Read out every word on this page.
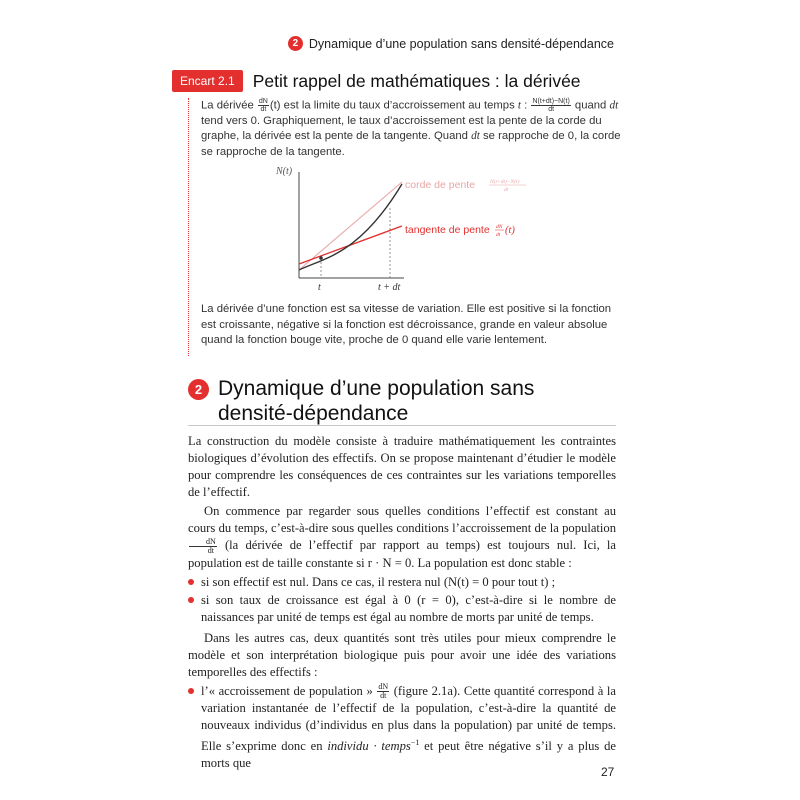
2 Dynamique d’une population sans densité-dépendance
Encart 2.1	Petit rappel de mathématiques : la dérivée

La dérivée $\frac{dN}{dt} (t)$ est la limite du taux d’accroissement au temps t : $\frac{N(t+dt)-N(t)}{dt}$ quand dt tend vers 0. Graphiquement, le taux d’accroissement est la pente de la corde du graphe, la dérivée est la pente de la tangente. Quand dt se rapproche de 0, la corde se rapproche de la tangente.

N(t)
t	t + dt
corde de pente	N(t+dt)−N(t)
dt
tangente de pente dN
dt (t)

La dérivée d’une fonction est sa vitesse de variation. Elle est positive si la fonction est croissante, négative si la fonction est décroissance, grande en valeur absolue quand la fonction bouge vite, proche de 0 quand elle varie lentement.

2 Dynamique d’une population sans densité-dépendance

La construction du modèle consiste à traduire mathématiquement les contraintes biologiques d’évolution des effectifs. On se propose maintenant d’étudier le modèle pour comprendre les conséquences de ces contraintes sur les variations temporelles de l’effectif.

On commence par regarder sous quelles conditions l’effectif est constant au cours du temps, c’est-à-dire sous quelles conditions l’accroissement de la population
$\frac{dN}{dt} (la$ dérivée de l’effectif par rapport au temps) est toujours nul. Ici, la population est de taille constante si r · N = 0. La population est donc stable :

si son effectif est nul. Dans ce cas, il restera nul (N(t) = 0 pour tout t) ;
si son taux de croissance est égal à 0 (r = 0), c’est-à-dire si le nombre de naissances par unité de temps est égal au nombre de morts par unité de temps.

Dans les autres cas, deux quantités sont très utiles pour mieux comprendre le modèle et son interprétation biologique puis pour avoir une idée des variations temporelles des effectifs :

l’« accroissement de population » $\frac{dN}{dt}$ (figure 2.1a). Cette quantité correspond à la variation instantanée de l’effectif de la population, c’est-à-dire la quantité de nouveaux individus (d’individus en plus dans la population) par unité de temps. Elle s’exprime donc en individu · temps$^{-1}$ et peut être négative s’il y a plus de morts que
27
